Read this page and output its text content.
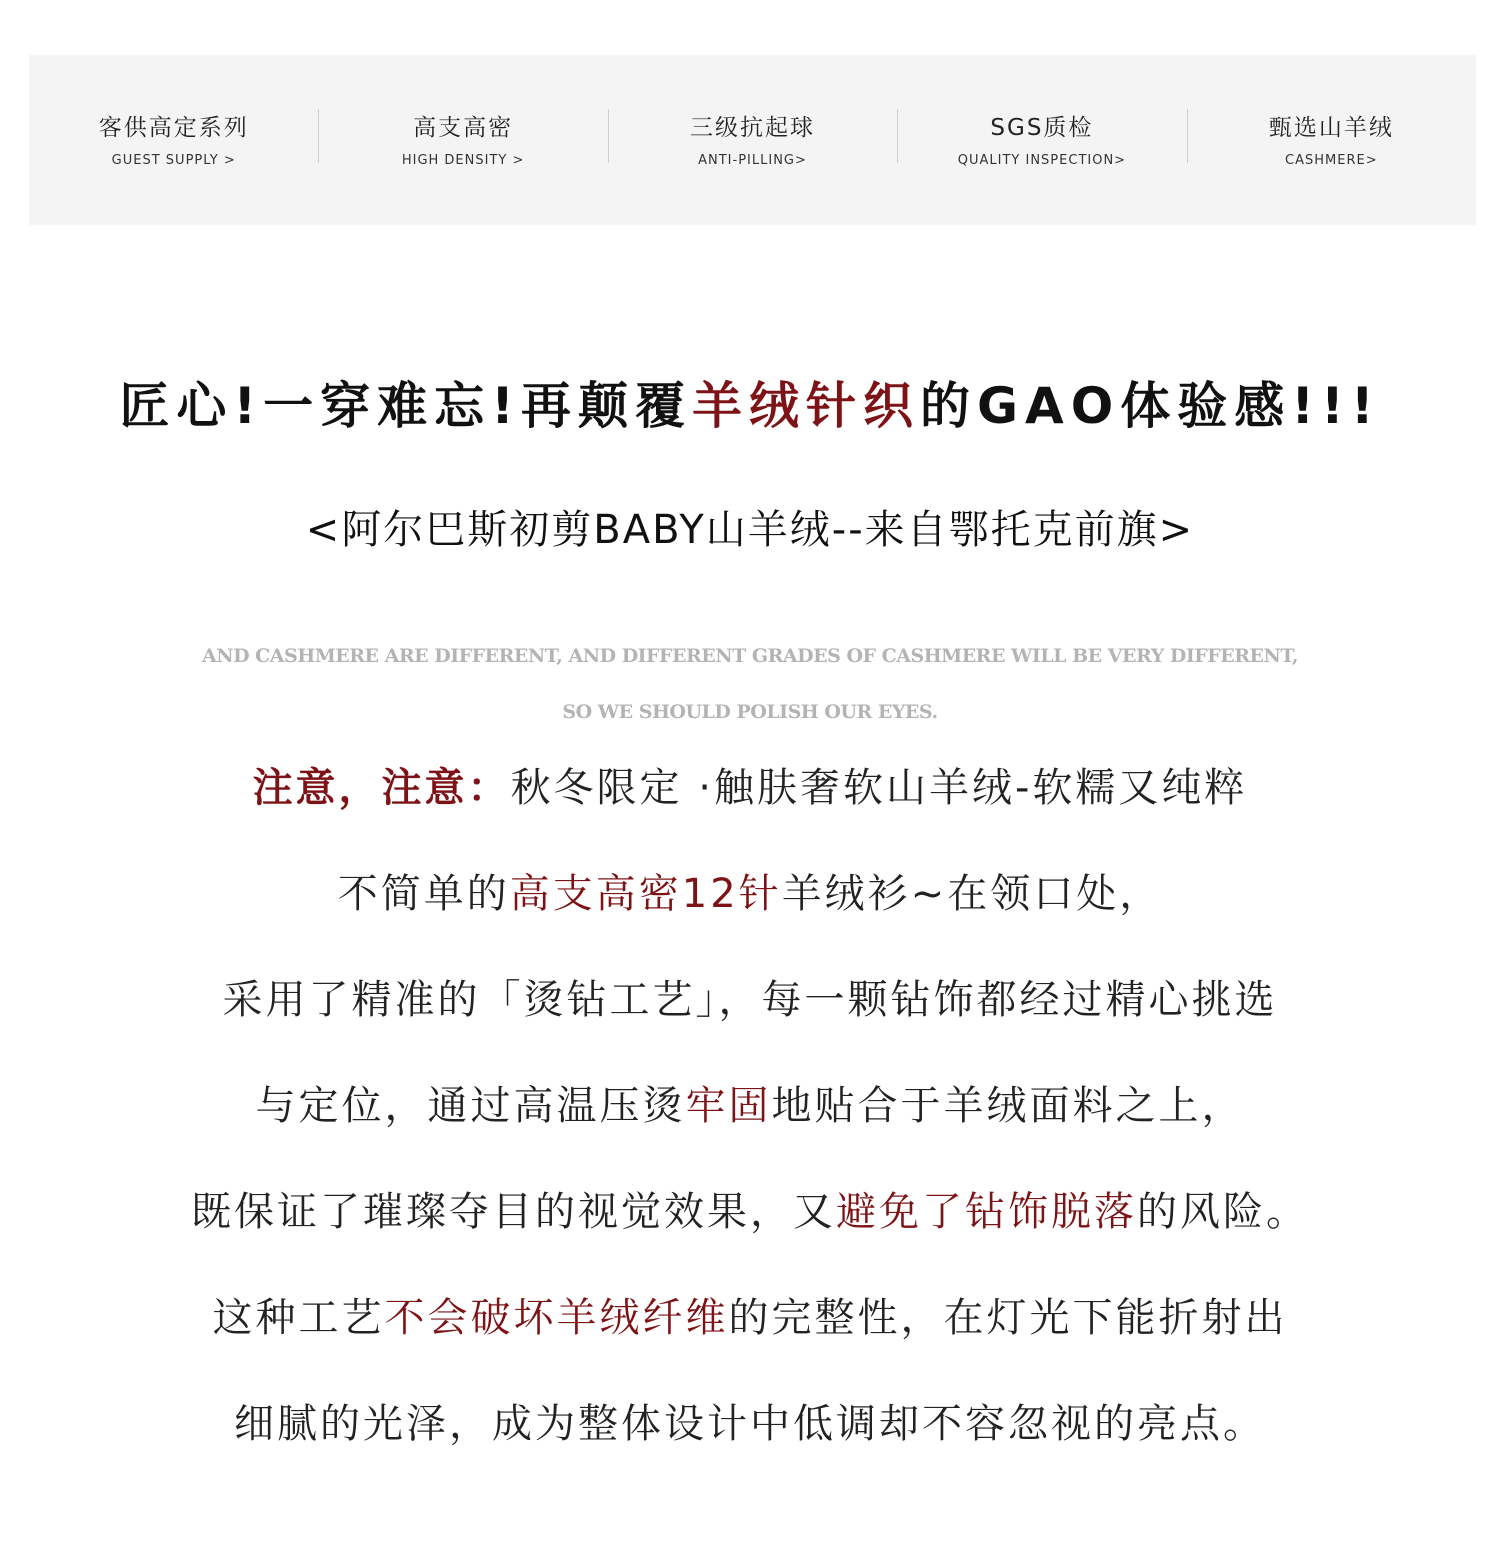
客供高定系列
GUEST SUPPLY >
高支高密
HIGH DENSITY >
三级抗起球
ANTI-PILLING>
SGS质检
QUALITY INSPECTION>
甄选山羊绒
CASHMERE>
匠心!一穿难忘!再颠覆羊绒针织的GAO体验感!!!
<阿尔巴斯初剪BABY山羊绒--来自鄂托克前旗>
AND CASHMERE ARE DIFFERENT, AND DIFFERENT GRADES OF CASHMERE WILL BE VERY DIFFERENT,
SO WE SHOULD POLISH OUR EYES.
注意，注意：秋冬限定 ·触肤奢软山羊绒-软糯又纯粹
不简单的高支高密12针羊绒衫~在领口处，
采用了精准的「烫钻工艺」，每一颗钻饰都经过精心挑选
与定位，通过高温压烫牢固地贴合于羊绒面料之上，
既保证了璀璨夺目的视觉效果，又避免了钻饰脱落的风险。
这种工艺不会破坏羊绒纤维的完整性，在灯光下能折射出
细腻的光泽，成为整体设计中低调却不容忽视的亮点。
